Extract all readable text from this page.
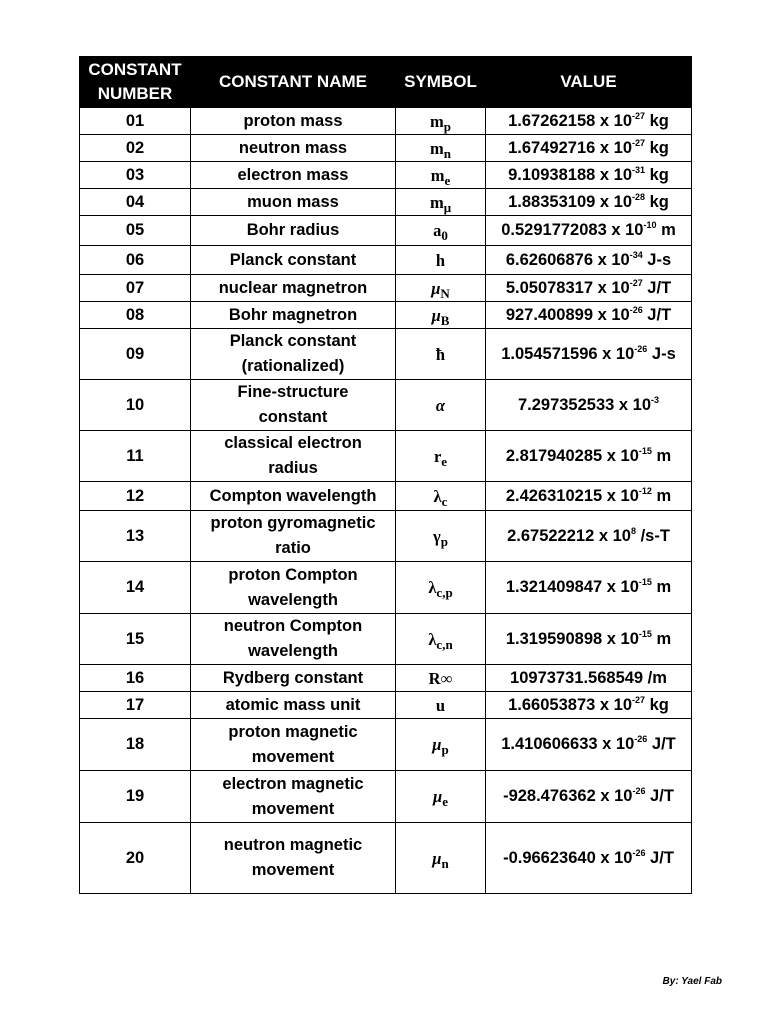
CONSTANT NUMBER	CONSTANT NAME	SYMBOL	VALUE
01	proton mass	$m_p$	1.67262158 x $10^{-27}$ kg
02	neutron mass	$m_n$	1.67492716 x $10^{-27}$ kg
03	electron mass	$m_e$	9.10938188 x $10^{-31}$ kg
04	muon mass	$m_\mu$	1.88353109 x $10^{-28}$ kg
05	Bohr radius	$a_0$	0.5291772083 x $10^{-10}$ m
06	Planck constant	h	6.62606876 x $10^{-34}$ J-s
07	nuclear magnetron	$\mu_N$	5.05078317 x $10^{-27}$ J/T
08	Bohr magnetron	$\mu_B$	927.400899 x $10^{-26}$ J/T
09	Planck constant (rationalized)	ħ	1.054571596 x $10^{-26}$ J-s
10	Fine-structure constant	α	7.297352533 x $10^{-3}$
11	classical electron radius	$r_e$	2.817940285 x $10^{-15}$ m
12	Compton wavelength	$\lambda_c$	2.426310215 x $10^{-12}$ m
13	proton gyromagnetic ratio	$\gamma_p$	2.67522212 x $10^8$ /s-T
14	proton Compton wavelength	$\lambda_{c,p}$	1.321409847 x $10^{-15}$ m
15	neutron Compton wavelength	$\lambda_{c,n}$	1.319590898 x $10^{-15}$ m
16	Rydberg constant	R∞	10973731.568549 /m
17	atomic mass unit	u	1.66053873 x $10^{-27}$ kg
18	proton magnetic movement	$\mu_p$	1.410606633 x $10^{-26}$ J/T
19	electron magnetic movement	$\mu_e$	-928.476362 x $10^{-26}$ J/T
20	neutron magnetic movement	$\mu_n$	-0.96623640 x $10^{-26}$ J/T
By: Yael Fab
